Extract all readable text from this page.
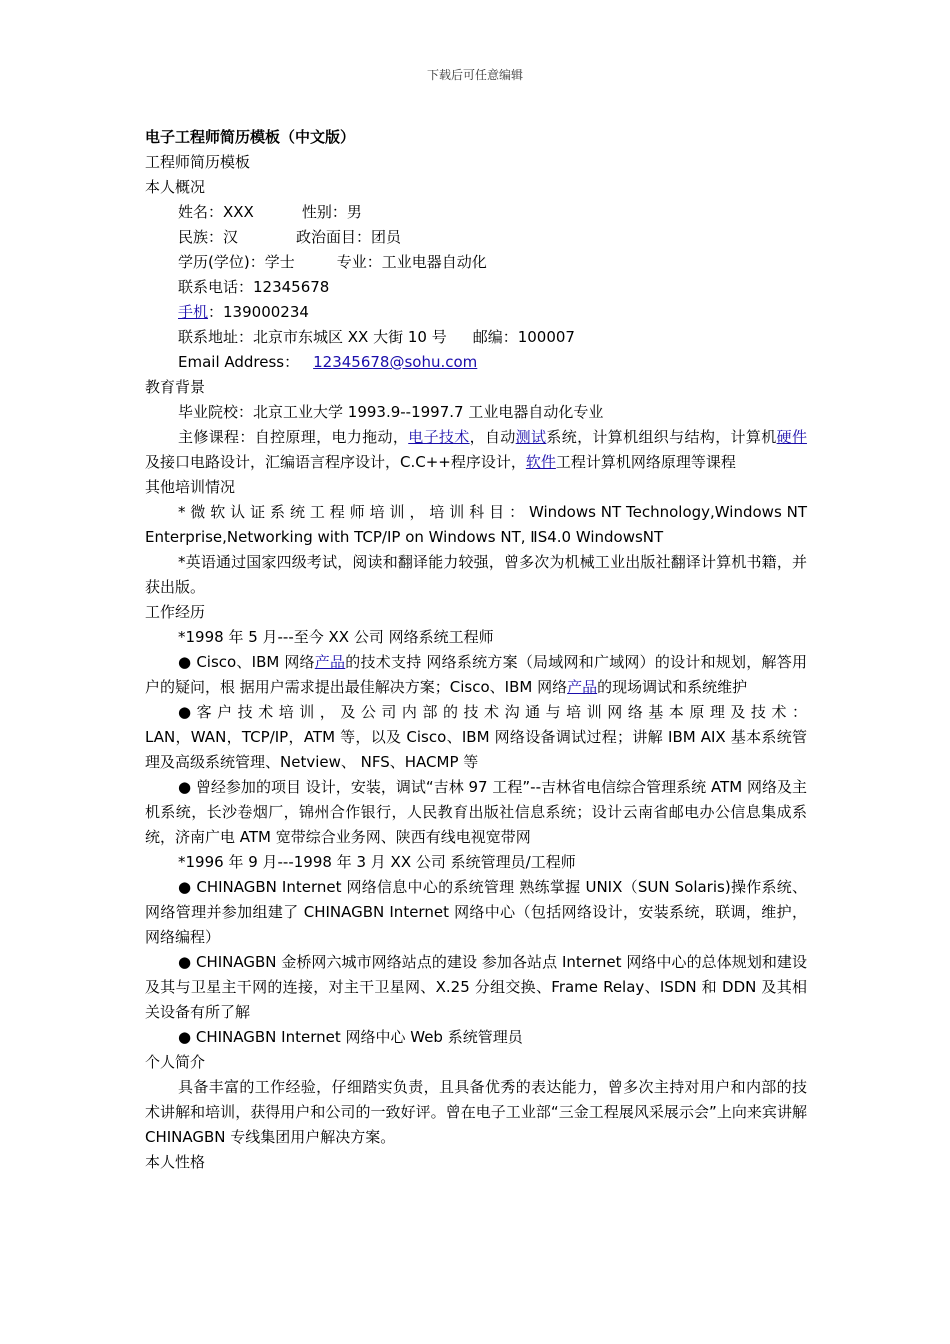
下载后可任意编辑

电子工程师简历模板（中文版）

工程师简历模板

本人概况

姓名：XXX	性别：男

民族：汉	政治面目：团员

学历(学位)：学士	专业：工业电器自动化

联系电话：12345678

手机：139000234

联系地址：北京市东城区 XX 大街 10 号 邮编：100007

Email Address： 12345678@sohu.com

教育背景

毕业院校：北京工业大学 1993.9--1997.7 工业电器自动化专业

主修课程：自控原理，电力拖动，电子技术，自动测试系统，计算机组织与结构，计算机硬件及接口电路设计，汇编语言程序设计，C.C++程序设计，软件工程计算机网络原理等课程

其他培训情况

* 微 软 认 证 系 统 工 程 师 培 训 ， 培 训 科 目 ： Windows NT Technology,Windows NT Enterprise,Networking with TCP/IP on Windows NT, ⅡS4.0 WindowsNT

*英语通过国家四级考试，阅读和翻译能力较强，曾多次为机械工业出版社翻译计算机书籍，并获出版。

工作经历

*1998 年 5 月---至今 XX 公司 网络系统工程师

● Cisco、IBM 网络产品的技术支持 网络系统方案（局域网和广域网）的设计和规划，解答用户的疑问，根 据用户需求提出最佳解决方案；Cisco、IBM 网络产品的现场调试和系统维护

● 客 户 技 术 培 训 ， 及 公 司 内 部 的 技 术 沟 通 与 培 训 网 络 基 本 原 理 及 技 术 ： LAN，WAN，TCP/IP，ATM 等，以及 Cisco、IBM 网络设备调试过程；讲解 IBM AIX 基本系统管理及高级系统管理、Netview、 NFS、HACMP 等

● 曾经参加的项目 设计，安装，调试“吉林 97 工程”--吉林省电信综合管理系统 ATM 网络及主机系统，长沙卷烟厂，锦州合作银行，人民教育出版社信息系统；设计云南省邮电办公信息集成系统，济南广电 ATM 宽带综合业务网、陕西有线电视宽带网

*1996 年 9 月---1998 年 3 月 XX 公司 系统管理员/工程师

● CHINAGBN Internet 网络信息中心的系统管理 熟练掌握 UNIX（SUN Solaris)操作系统、网络管理并参加组建了 CHINAGBN Internet 网络中心（包括网络设计，安装系统，联调，维护，网络编程）

● CHINAGBN 金桥网六城市网络站点的建设 参加各站点 Internet 网络中心的总体规划和建设及其与卫星主干网的连接，对主干卫星网、X.25 分组交换、Frame Relay、ISDN 和 DDN 及其相关设备有所了解

● CHINAGBN Internet 网络中心 Web 系统管理员

个人简介

具备丰富的工作经验，仔细踏实负责，且具备优秀的表达能力，曾多次主持对用户和内部的技术讲解和培训，获得用户和公司的一致好评。曾在电子工业部“三金工程展风采展示会”上向来宾讲解 CHINAGBN 专线集团用户解决方案。

本人性格
